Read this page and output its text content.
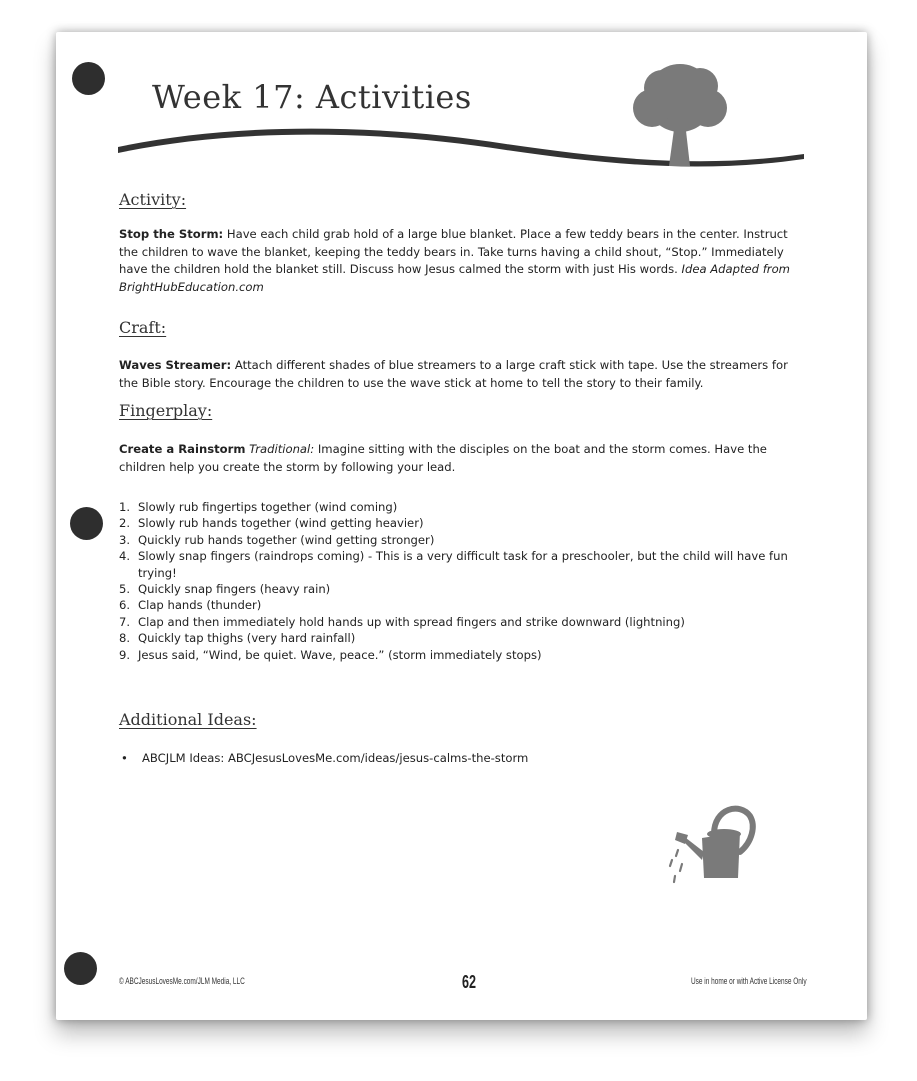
Week 17: Activities
Activity:

Stop the Storm: Have each child grab hold of a large blue blanket. Place a few teddy bears in the center. Instruct the children to wave the blanket, keeping the teddy bears in. Take turns having a child shout, “Stop.” Immediately have the children hold the blanket still. Discuss how Jesus calmed the storm with just His words. Idea Adapted from BrightHubEducation.com

Craft:

Waves Streamer: Attach different shades of blue streamers to a large craft stick with tape. Use the streamers for the Bible story. Encourage the children to use the wave stick at home to tell the story to their family.

Fingerplay:

Create a Rainstorm Traditional: Imagine sitting with the disciples on the boat and the storm comes. Have the children help you create the storm by following your lead.

1. Slowly rub fingertips together (wind coming)
2. Slowly rub hands together (wind getting heavier)
3. Quickly rub hands together (wind getting stronger)
4. Slowly snap fingers (raindrops coming) - This is a very difficult task for a preschooler, but the child will have fun trying!
5. Quickly snap fingers (heavy rain)
6. Clap hands (thunder)
7. Clap and then immediately hold hands up with spread fingers and strike downward (lightning)
8. Quickly tap thighs (very hard rainfall)
9. Jesus said, “Wind, be quiet. Wave, peace.” (storm immediately stops)
Additional Ideas:
• ABCJLM Ideas: ABCJesusLovesMe.com/ideas/jesus-calms-the-storm
© ABCJesusLovesMe.com/JLM Media, LLC	62	Use in home or with Active License Only
